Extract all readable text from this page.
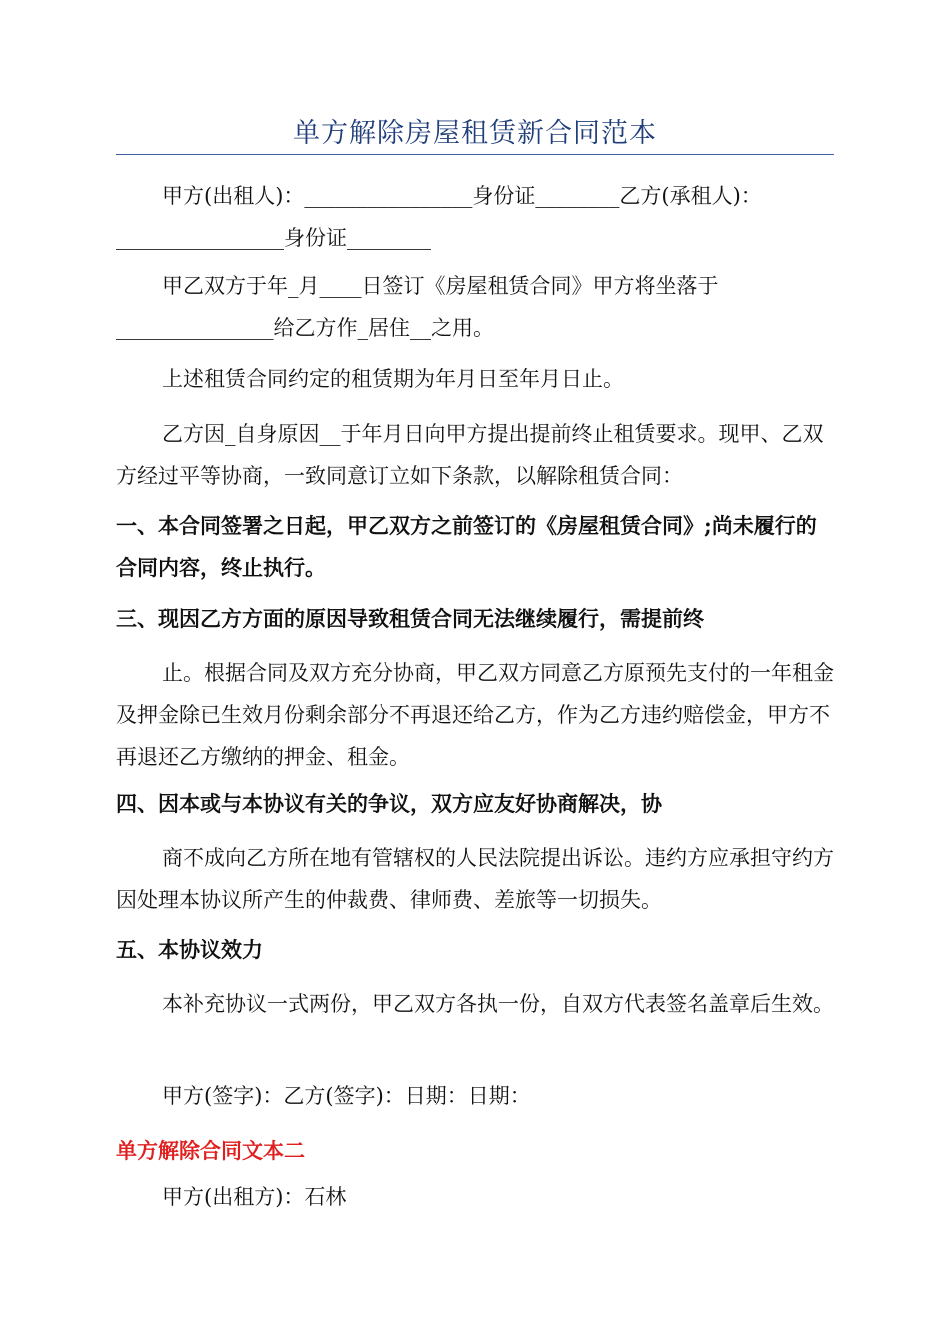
单方解除房屋租赁新合同范本

甲方(出租人)：________________身份证________乙方(承租人)：________________身份证________

甲乙双方于年_月____日签订《房屋租赁合同》甲方将坐落于_______________给乙方作_居住__之用。

上述租赁合同约定的租赁期为年月日至年月日止。

乙方因_自身原因__于年月日向甲方提出提前终止租赁要求。现甲、乙双方经过平等协商，一致同意订立如下条款，以解除租赁合同：

一、本合同签署之日起，甲乙双方之前签订的《房屋租赁合同》;尚未履行的合同内容，终止执行。

三、现因乙方方面的原因导致租赁合同无法继续履行，需提前终

止。根据合同及双方充分协商，甲乙双方同意乙方原预先支付的一年租金及押金除已生效月份剩余部分不再退还给乙方，作为乙方违约赔偿金，甲方不再退还乙方缴纳的押金、租金。

四、因本或与本协议有关的争议，双方应友好协商解决，协

商不成向乙方所在地有管辖权的人民法院提出诉讼。违约方应承担守约方因处理本协议所产生的仲裁费、律师费、差旅等一切损失。

五、本协议效力

本补充协议一式两份，甲乙双方各执一份，自双方代表签名盖章后生效。

甲方(签字)：乙方(签字)：日期：日期：

单方解除合同文本二

甲方(出租方)：石林
